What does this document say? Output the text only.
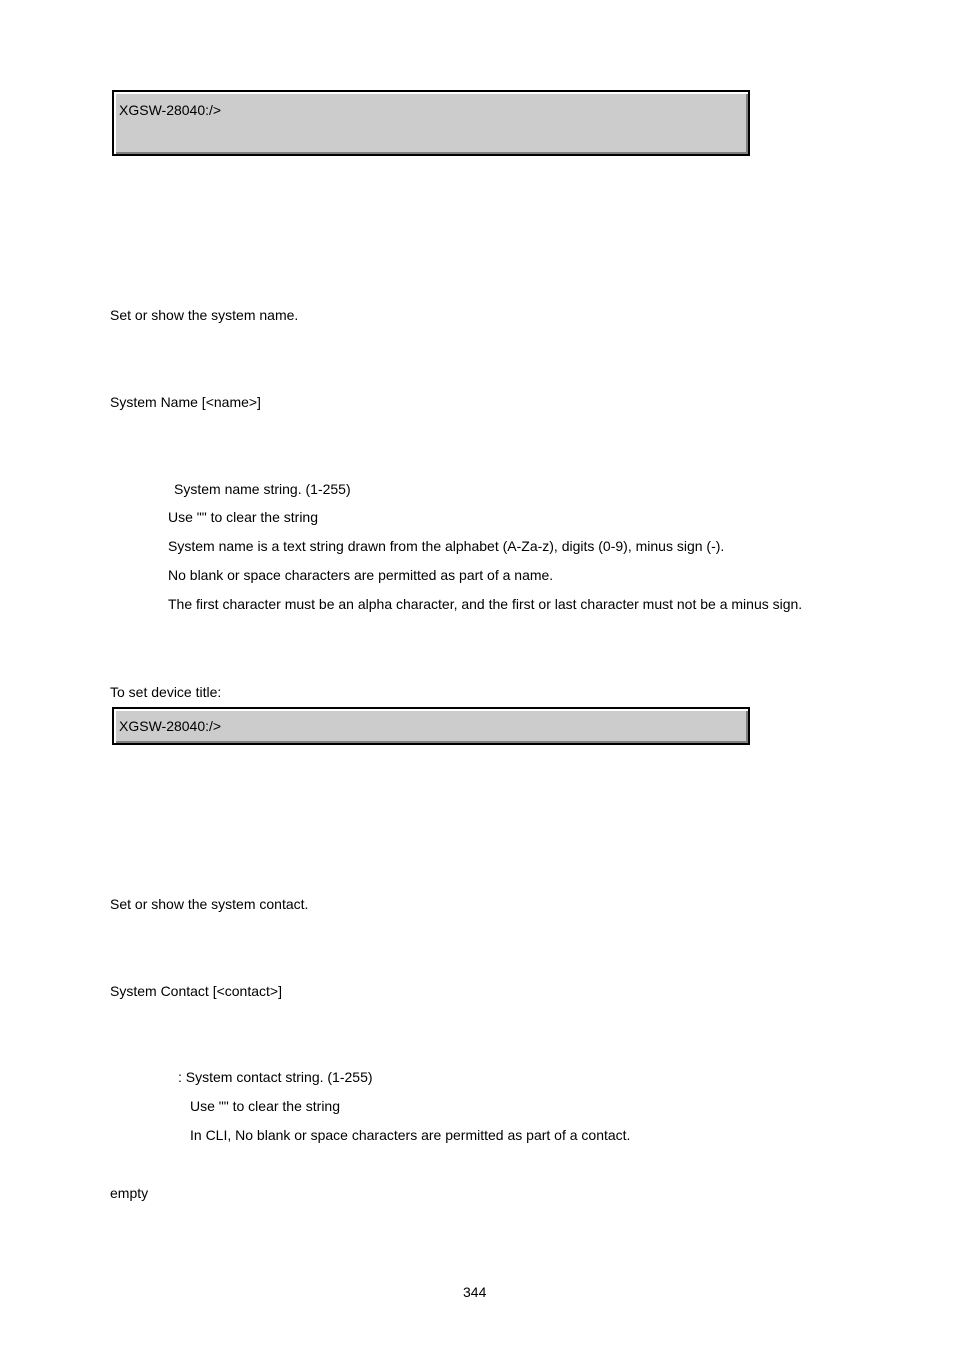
XGSW-28040:/>
Set or show the system name.
System Name [<name>]
System name string. (1-255)
Use "" to clear the string
System name is a text string drawn from the alphabet (A-Za-z), digits (0-9), minus sign (-).
No blank or space characters are permitted as part of a name.
The first character must be an alpha character, and the first or last character must not be a minus sign.
To set device title:
XGSW-28040:/>
Set or show the system contact.
System Contact [<contact>]
: System contact string. (1-255)
Use "" to clear the string
In CLI, No blank or space characters are permitted as part of a contact.
empty
344
